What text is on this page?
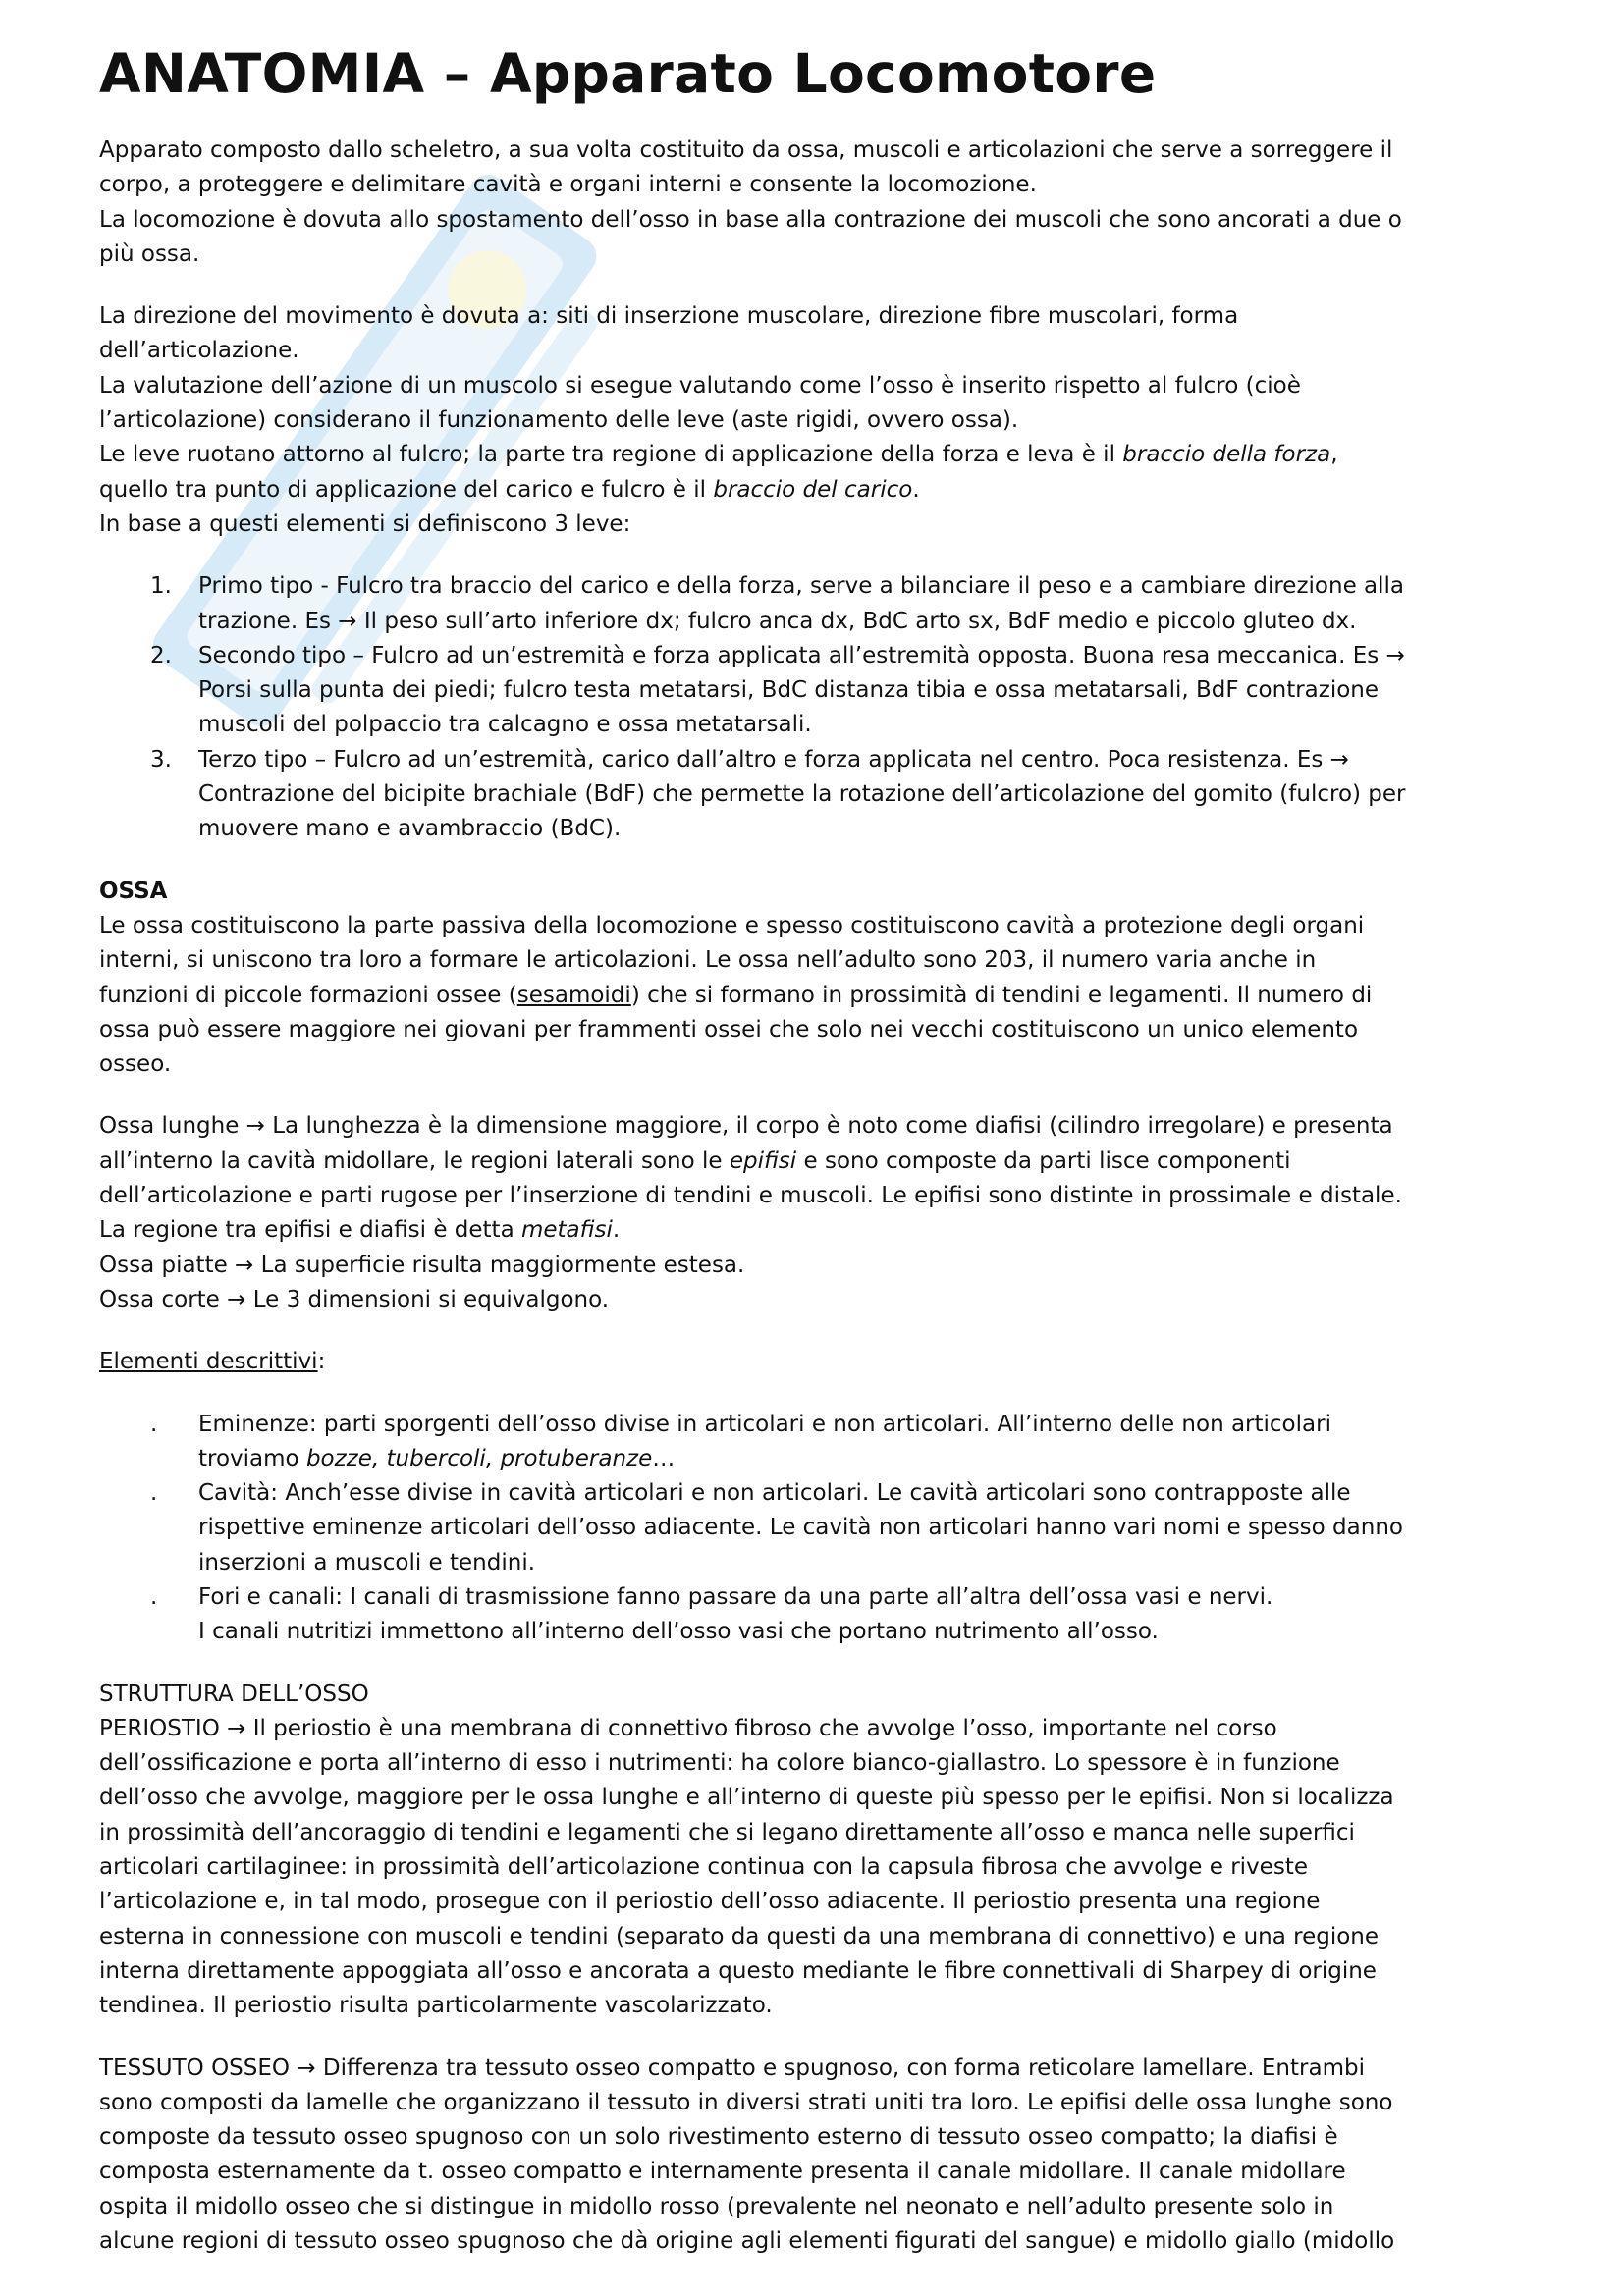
ANATOMIA – Apparato Locomotore
Apparato composto dallo scheletro, a sua volta costituito da ossa, muscoli e articolazioni che serve a sorreggere il
corpo, a proteggere e delimitare cavità e organi interni e consente la locomozione.
La locomozione è dovuta allo spostamento dell’osso in base alla contrazione dei muscoli che sono ancorati a due o
più ossa.
La direzione del movimento è dovuta a: siti di inserzione muscolare, direzione fibre muscolari, forma
dell’articolazione.
La valutazione dell’azione di un muscolo si esegue valutando come l’osso è inserito rispetto al fulcro (cioè
l’articolazione) considerano il funzionamento delle leve (aste rigidi, ovvero ossa).
Le leve ruotano attorno al fulcro; la parte tra regione di applicazione della forza e leva è il braccio della forza,
quello tra punto di applicazione del carico e fulcro è il braccio del carico.
In base a questi elementi si definiscono 3 leve:
1. Primo tipo - Fulcro tra braccio del carico e della forza, serve a bilanciare il peso e a cambiare direzione alla
trazione. Es → Il peso sull’arto inferiore dx; fulcro anca dx, BdC arto sx, BdF medio e piccolo gluteo dx.
2. Secondo tipo – Fulcro ad un’estremità e forza applicata all’estremità opposta. Buona resa meccanica. Es →
Porsi sulla punta dei piedi; fulcro testa metatarsi, BdC distanza tibia e ossa metatarsali, BdF contrazione
muscoli del polpaccio tra calcagno e ossa metatarsali.
3. Terzo tipo – Fulcro ad un’estremità, carico dall’altro e forza applicata nel centro. Poca resistenza. Es →
Contrazione del bicipite brachiale (BdF) che permette la rotazione dell’articolazione del gomito (fulcro) per
muovere mano e avambraccio (BdC).
OSSA
Le ossa costituiscono la parte passiva della locomozione e spesso costituiscono cavità a protezione degli organi
interni, si uniscono tra loro a formare le articolazioni. Le ossa nell’adulto sono 203, il numero varia anche in
funzioni di piccole formazioni ossee (sesamoidi) che si formano in prossimità di tendini e legamenti. Il numero di
ossa può essere maggiore nei giovani per frammenti ossei che solo nei vecchi costituiscono un unico elemento
osseo.
Ossa lunghe → La lunghezza è la dimensione maggiore, il corpo è noto come diafisi (cilindro irregolare) e presenta
all’interno la cavità midollare, le regioni laterali sono le epifisi e sono composte da parti lisce componenti
dell’articolazione e parti rugose per l’inserzione di tendini e muscoli. Le epifisi sono distinte in prossimale e distale.
La regione tra epifisi e diafisi è detta metafisi.
Ossa piatte → La superficie risulta maggiormente estesa.
Ossa corte → Le 3 dimensioni si equivalgono.
Elementi descrittivi:
. Eminenze: parti sporgenti dell’osso divise in articolari e non articolari. All’interno delle non articolari
troviamo bozze, tubercoli, protuberanze…
. Cavità: Anch’esse divise in cavità articolari e non articolari. Le cavità articolari sono contrapposte alle
rispettive eminenze articolari dell’osso adiacente. Le cavità non articolari hanno vari nomi e spesso danno
inserzioni a muscoli e tendini.
. Fori e canali: I canali di trasmissione fanno passare da una parte all’altra dell’ossa vasi e nervi.
I canali nutritizi immettono all’interno dell’osso vasi che portano nutrimento all’osso.
STRUTTURA DELL’OSSO
PERIOSTIO → Il periostio è una membrana di connettivo fibroso che avvolge l’osso, importante nel corso
dell’ossificazione e porta all’interno di esso i nutrimenti: ha colore bianco-giallastro. Lo spessore è in funzione
dell’osso che avvolge, maggiore per le ossa lunghe e all’interno di queste più spesso per le epifisi. Non si localizza
in prossimità dell’ancoraggio di tendini e legamenti che si legano direttamente all’osso e manca nelle superfici
articolari cartilaginee: in prossimità dell’articolazione continua con la capsula fibrosa che avvolge e riveste
l’articolazione e, in tal modo, prosegue con il periostio dell’osso adiacente. Il periostio presenta una regione
esterna in connessione con muscoli e tendini (separato da questi da una membrana di connettivo) e una regione
interna direttamente appoggiata all’osso e ancorata a questo mediante le fibre connettivali di Sharpey di origine
tendinea. Il periostio risulta particolarmente vascolarizzato.
TESSUTO OSSEO → Differenza tra tessuto osseo compatto e spugnoso, con forma reticolare lamellare. Entrambi
sono composti da lamelle che organizzano il tessuto in diversi strati uniti tra loro. Le epifisi delle ossa lunghe sono
composte da tessuto osseo spugnoso con un solo rivestimento esterno di tessuto osseo compatto; la diafisi è
composta esternamente da t. osseo compatto e internamente presenta il canale midollare. Il canale midollare
ospita il midollo osseo che si distingue in midollo rosso (prevalente nel neonato e nell’adulto presente solo in
alcune regioni di tessuto osseo spugnoso che dà origine agli elementi figurati del sangue) e midollo giallo (midollo
